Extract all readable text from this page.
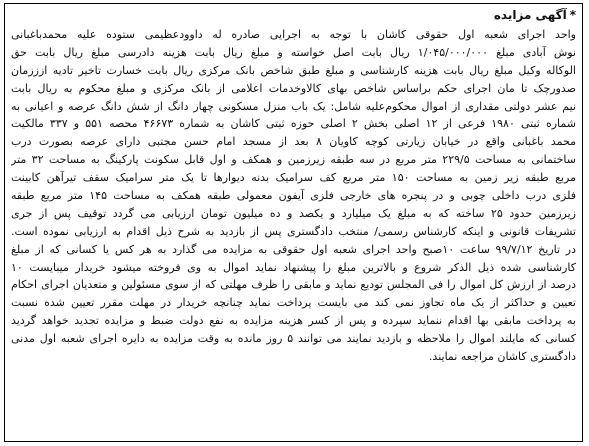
*آگهی مزایده
واحد اجرای شعبه اول حقوقی کاشان با توجه به اجرایی صادره له داوودعظیمی ستوده علیه محمدباغبانی
نوش آبادی مبلغ ۱/۰۴۵/۰۰۰/۰۰۰ ریال بابت اصل خواسته و مبلغ ریال بابت هزینه دادرسی مبلغ ریال بابت حق
الوکاله وکیل مبلغ ریال بابت هزینه کارشناسی و مبلغ طبق شاخص بانک مرکزی ریال بابت خسارت تاخیر تادیه ازززمان
صدورچک تا مان اجرای حکم براساس شاخص بهای کالاوخدمات اعلامی از بانک مرکزی و مبلغ محکوم به ریال بابت
نیم عشر دولتی مقداری از اموال محکوم‌علیه شامل: یک باب منزل مسکونی چهار دانگ از شش دانگ عرصه و اعیانی به
شماره ثبتی ۱۹۸۰ فرعی از ۱۲ اصلی بخش ۲ اصلی حوزه ثبتی کاشان به شماره ۴۶۶۷۳ محصه ۵۵۱ و ۳۳۷ مالکیت
محمد باغبانی واقع در خیابان زیارتی کوچه کاویان ۸ بعد از مسجد امام حسن مجتبی دارای عرصه بصورت درب
ساختمانی به مساحت ۲۲۹/۵ متر مربع در سه طبقه زیرزمین و همکف و اول قابل سکونت پارکینگ به مساحت ۳۲ متر
مربع طبقه زیر زمین به مساحت ۱۵۰ متر مربع کف سرامیک بدنه دیوارها تا یک متر سرامیک سقف تیرآهن کابینت
فلزی درب داخلی چوبی و در پنجره های خارجی فلزی آیفون معمولی طبقه همکف به مساحت ۱۴۵ متر مربع طبقه
زیرزمین حدود ۲۵ ساخته که به مبلغ یک میلیارد و یکصد و ده میلیون تومان ارزیابی می گردد توقیف پس از جری
تشریفات قانونی و اینکه کارشناس رسمی/ منتخب دادگستری پس از بازدید به شرح ذیل اقدام به ارزیابی نموده است.
در تاریخ ۹۹/۷/۱۲ ساعت ۱۰صبح واحد اجرای شعبه اول حقوقی به مزایده می گذارد به هر کس یا کسانی که از مبلغ
کارشناسی شده ذیل الذکر شروع و بالاترین مبلغ را پیشنهاد نماید اموال به وی فروخته میشود خریدار میبایست ۱۰
درصد از ارزش کل اموال را فی المجلس تودیع نماید و مابقی را ظرف مهلتی که از سوی مسئولین و متعدیان اجرای احکام
تعیین و حداکثر از یک ماه تجاوز نمی کند می بایست پرداخت نماید چنانچه خریدار در مهلت مقرر تعیین شده نسبت
به پرداخت مابقی بها اقدام ننماید سپرده و پس از کسر هزینه مزایده به نفع دولت ضبط و مزایده تجدید خواهد گردید
کسانی که مایلند اموال را ملاحظه و بازدید نمایند می توانند ۵ روز مانده به وقت مزایده به دایره اجرای شعبه اول مدنی
دادگستری کاشان مراجعه نمایند.
